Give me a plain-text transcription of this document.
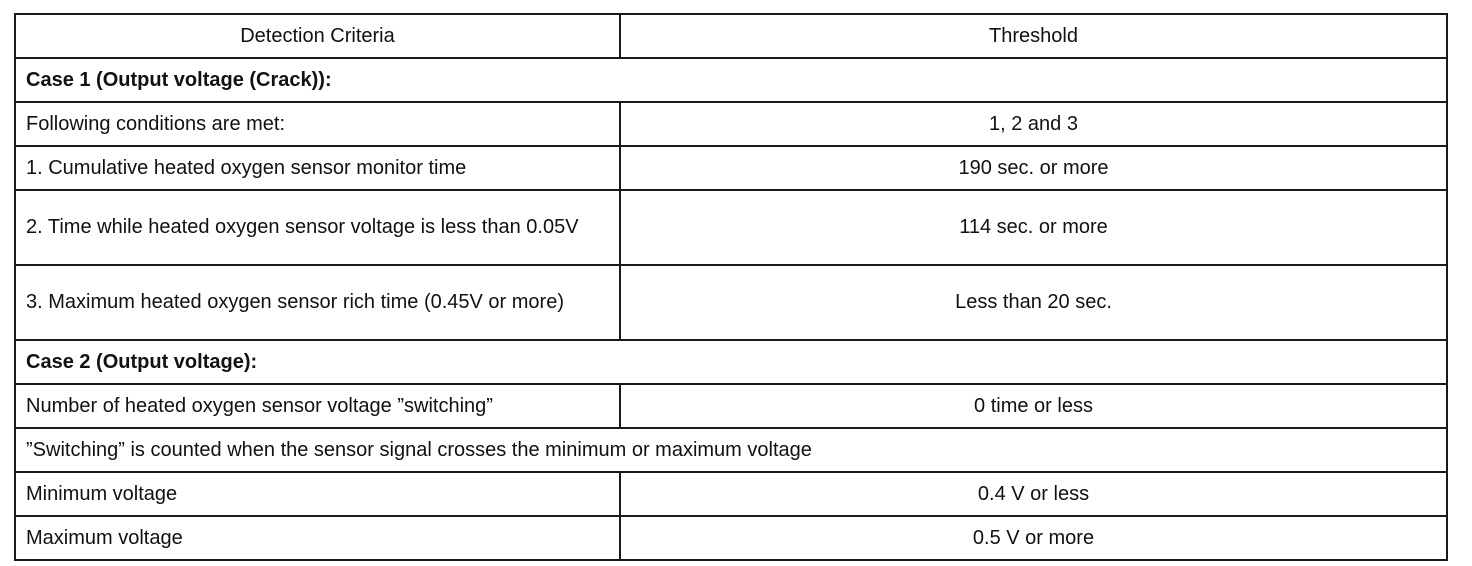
Detection Criteria	Threshold
Case 1 (Output voltage (Crack)):	
Following conditions are met:	1, 2 and 3
1. Cumulative heated oxygen sensor monitor time	190 sec. or more
2. Time while heated oxygen sensor voltage is less than 0.05V	114 sec. or more
3. Maximum heated oxygen sensor rich time (0.45V or more)	Less than 20 sec.
Case 2 (Output voltage):	
Number of heated oxygen sensor voltage ”switching”	0 time or less
”Switching” is counted when the sensor signal crosses the minimum or maximum voltage	
Minimum voltage	0.4 V or less
Maximum voltage	0.5 V or more
